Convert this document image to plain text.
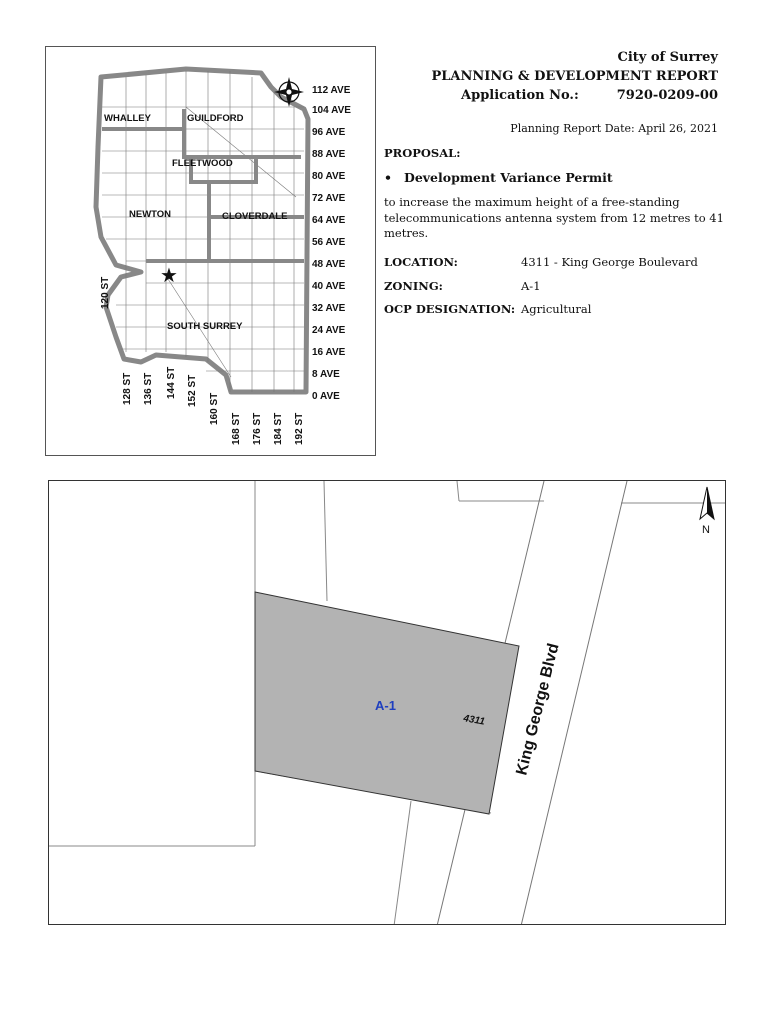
★
WHALLEY	GUILDFORD
FLEETWOOD
NEWTON	CLOVERDALE
SOUTH SURREY
112 AVE
104 AVE
96 AVE
88 AVE
80 AVE
72 AVE
64 AVE
56 AVE
48 AVE
40 AVE
32 AVE
24 AVE
16 AVE
8 AVE
0 AVE
120 ST
128 ST 136 ST 144 ST 152 ST
160 ST
168 ST 176 ST 184 ST 192 ST
City of Surrey
PLANNING & DEVELOPMENT REPORT
Application No.:	7920-0209-00
Planning Report Date: April 26, 2021
PROPOSAL:
• Development Variance Permit
to increase the maximum height of a free-standing telecommunications antenna system from 12 metres to 41 metres.
LOCATION:	4311 - King George Boulevard
ZONING:	A-1
OCP DESIGNATION: Agricultural
A-1
4311 King George Blvd
N
